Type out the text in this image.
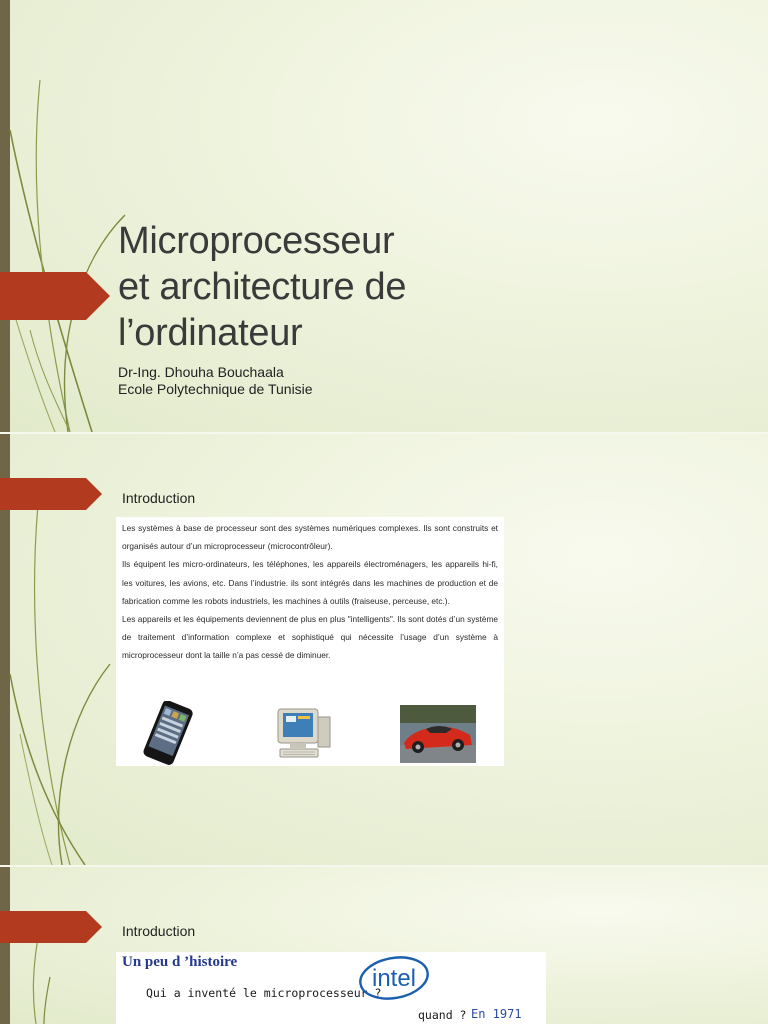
Microprocesseur
et architecture de
l’ordinateur
Dr-Ing. Dhouha Bouchaala
Ecole Polytechnique de Tunisie
Introduction

Les systèmes à base de processeur sont des systèmes numériques complexes. Ils sont construits et organisés autour d’un microprocesseur (microcontrôleur).

Ils équipent les micro-ordinateurs, les téléphones, les appareils électroménagers, les appareils hi-fi, les voitures, les avions, etc. Dans l’industrie. ils sont intégrés dans les machines de production et de fabrication comme les robots industriels, les machines à outils (fraiseuse, perceuse, etc.).

Les appareils et les équipements deviennent de plus en plus "intelligents". Ils sont dotés d’un système de traitement d’information complexe et sophistiqué qui nécessite l’usage d’un système à microprocesseur dont la taille n’a pas cessé de diminuer.

Introduction
Un peu d ’histoire
Qui a inventé le microprocesseur ?
intel
quand ? En 1971
